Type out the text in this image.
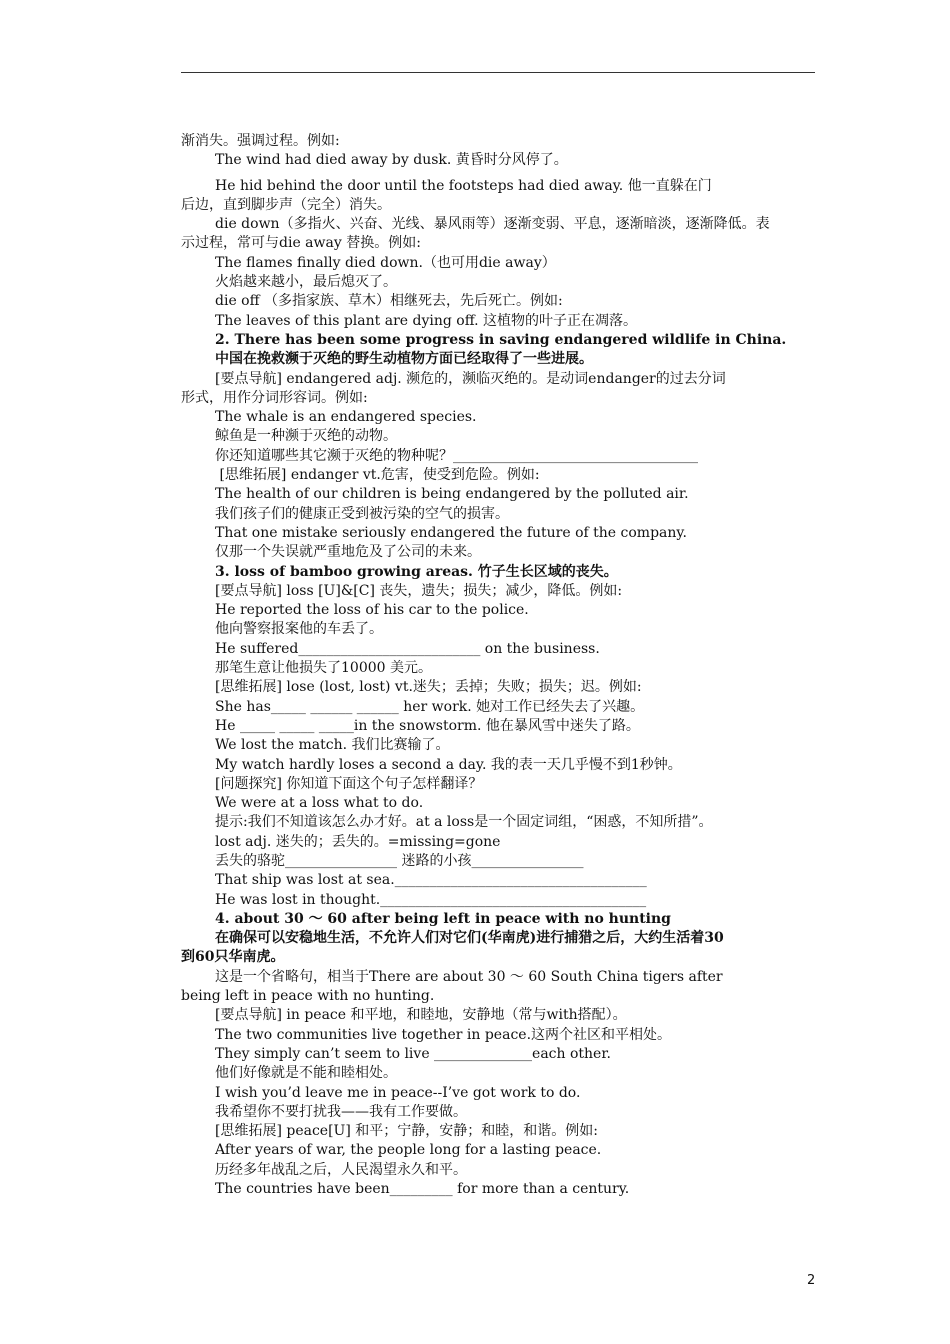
渐消失。强调过程。例如:

The wind had died away by dusk. 黄昏时分风停了。

He hid behind the door until the footsteps had died away. 他一直躲在门

后边，直到脚步声（完全）消失。

die down（多指火、兴奋、光线、暴风雨等）逐渐变弱、平息，逐渐暗淡，逐渐降低。表

示过程，常可与die away 替换。例如:

The flames finally died down.（也可用die away）

火焰越来越小，最后熄灭了。

die off （多指家族、草木）相继死去，先后死亡。例如:

The leaves of this plant are dying off. 这植物的叶子正在凋落。

2. There has been some progress in saving endangered wildlife in China.

中国在挽救濒于灭绝的野生动植物方面已经取得了一些进展。

[要点导航] endangered adj. 濒危的，濒临灭绝的。是动词endanger的过去分词

形式，用作分词形容词。例如:

The whale is an endangered species.

鲸鱼是一种濒于灭绝的动物。

你还知道哪些其它濒于灭绝的物种呢？___________________________________

[思维拓展] endanger vt.危害，使受到危险。例如:

The health of our children is being endangered by the polluted air.

我们孩子们的健康正受到被污染的空气的损害。

That one mistake seriously endangered the future of the company.

仅那一个失误就严重地危及了公司的未来。

3. loss of bamboo growing areas. 竹子生长区域的丧失。

[要点导航] loss [U]&[C] 丧失，遗失；损失；减少，降低。例如:

He reported the loss of his car to the police.

他向警察报案他的车丢了。

He suffered__________________________ on the business.

那笔生意让他损失了10000 美元。

[思维拓展] lose (lost, lost) vt.迷失；丢掉；失败；损失；迟。例如:

She has_____ ______ ______ her work. 她对工作已经失去了兴趣。

He _____ _____ _____in the snowstorm. 他在暴风雪中迷失了路。

We lost the match. 我们比赛输了。

My watch hardly loses a second a day. 我的表一天几乎慢不到1秒钟。

[问题探究] 你知道下面这个句子怎样翻译？

We were at a loss what to do.

提示:我们不知道该怎么办才好。at a loss是一个固定词组，“困惑，不知所措”。

lost adj. 迷失的；丢失的。=missing=gone

丢失的骆驼________________ 迷路的小孩________________

That ship was lost at sea.____________________________________

He was lost in thought.______________________________________

4. about 30 ～ 60 after being left in peace with no hunting

在确保可以安稳地生活，不允许人们对它们(华南虎)进行捕猎之后，大约生活着30

到60只华南虎。

这是一个省略句，相当于There are about 30 ～ 60 South China tigers after

being left in peace with no hunting.

[要点导航] in peace 和平地，和睦地，安静地（常与with搭配）。

The two communities live together in peace.这两个社区和平相处。

They simply can’t seem to live ______________each other.

他们好像就是不能和睦相处。

I wish you’d leave me in peace--I’ve got work to do.

我希望你不要打扰我——我有工作要做。

[思维拓展] peace[U] 和平；宁静，安静；和睦，和谐。例如:

After years of war, the people long for a lasting peace.

历经多年战乱之后，人民渴望永久和平。

The countries have been_________ for more than a century.

2
